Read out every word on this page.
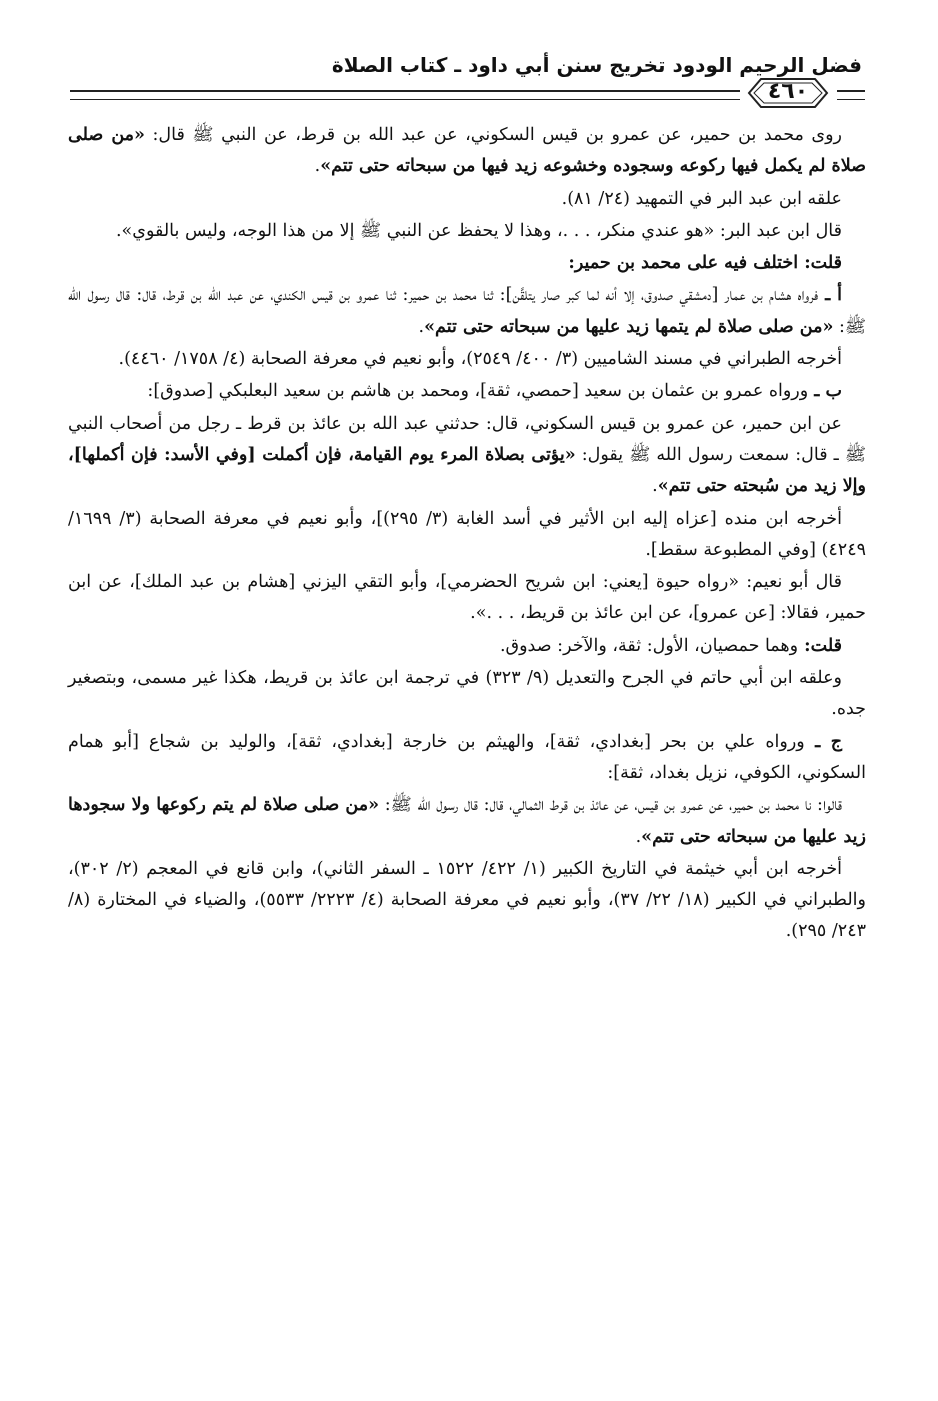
فضل الرحيم الودود تخريج سنن أبي داود ـ كتاب الصلاة
٤٦٠

روى محمد بن حمير، عن عمرو بن قيس السكوني، عن عبد الله بن قرط، عن النبي ﷺ قال: «من صلى صلاة لم يكمل فيها ركوعه وسجوده وخشوعه زيد فيها من سبحاته حتى تتم».

علقه ابن عبد البر في التمهيد (٢٤/ ٨١).

قال ابن عبد البر: «هو عندي منكر، . . .، وهذا لا يحفظ عن النبي ﷺ إلا من هذا الوجه، وليس بالقوي».

قلت: اختلف فيه على محمد بن حمير:

أ ـ فرواه هشام بن عمار [دمشقي صدوق، إلا أنه لما كبر صار يتلقَّن]: ثنا محمد بن حمير: ثنا عمرو بن قيس الكندي، عن عبد الله بن قرط، قال: قال رسول الله ﷺ: «من صلى صلاة لم يتمها زيد عليها من سبحاته حتى تتم».

أخرجه الطبراني في مسند الشاميين (٣/ ٤٠٠/ ٢٥٤٩)، وأبو نعيم في معرفة الصحابة (٤/ ١٧٥٨/ ٤٤٦٠).

ب ـ ورواه عمرو بن عثمان بن سعيد [حمصي، ثقة]، ومحمد بن هاشم بن سعيد البعلبكي [صدوق]:

عن ابن حمير، عن عمرو بن قيس السكوني، قال: حدثني عبد الله بن عائذ بن قرط ـ رجل من أصحاب النبي ﷺ ـ قال: سمعت رسول الله ﷺ يقول: «يؤتى بصلاة المرء يوم القيامة، فإن أكملت [وفي الأسد: فإن أكملها]، وإلا زيد من سُبحته حتى تتم».

أخرجه ابن منده [عزاه إليه ابن الأثير في أسد الغابة (٣/ ٢٩٥)]، وأبو نعيم في معرفة الصحابة (٣/ ١٦٩٩/ ٤٢٤٩) [وفي المطبوعة سقط].

قال أبو نعيم: «رواه حيوة [يعني: ابن شريح الحضرمي]، وأبو التقي اليزني [هشام بن عبد الملك]، عن ابن حمير، فقالا: [عن عمرو]، عن ابن عائذ بن قريط، . . .».

قلت: وهما حمصيان، الأول: ثقة، والآخر: صدوق.

وعلقه ابن أبي حاتم في الجرح والتعديل (٩/ ٣٢٣) في ترجمة ابن عائذ بن قريط، هكذا غير مسمى، وبتصغير جده.

ج ـ ورواه علي بن بحر [بغدادي، ثقة]، والهيثم بن خارجة [بغدادي، ثقة]، والوليد بن شجاع [أبو همام السكوني، الكوفي، نزيل بغداد، ثقة]:

قالوا: نا محمد بن حمير، عن عمرو بن قيس، عن عائذ بن قرط الثمالي، قال: قال رسول الله ﷺ: «من صلى صلاة لم يتم ركوعها ولا سجودها زيد عليها من سبحاته حتى تتم».

أخرجه ابن أبي خيثمة في التاريخ الكبير (١/ ٤٢٢/ ١٥٢٢ ـ السفر الثاني)، وابن قانع في المعجم (٢/ ٣٠٢)، والطبراني في الكبير (١٨/ ٢٢/ ٣٧)، وأبو نعيم في معرفة الصحابة (٤/ ٢٢٢٣/ ٥٥٣٣)، والضياء في المختارة (٨/ ٢٤٣/ ٢٩٥).
